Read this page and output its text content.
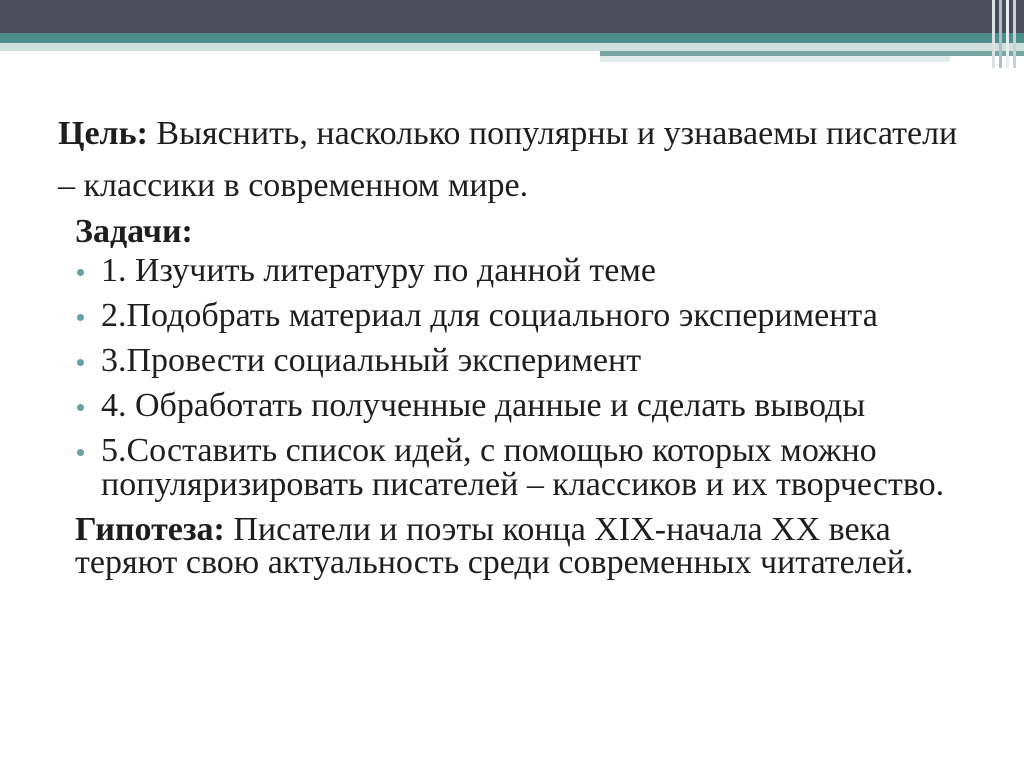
Цель: Выяснить, насколько популярны и узнаваемы писатели – классики в современном мире.

Задачи:
1. Изучить литературу по данной теме
2.Подобрать материал для социального эксперимента
3.Провести социальный эксперимент
4. Обработать полученные данные и сделать выводы
5.Составить список идей, с помощью которых можно популяризировать писателей – классиков и их творчество.

Гипотеза: Писатели и поэты конца XIX-начала XX века теряют свою актуальность среди современных читателей.
